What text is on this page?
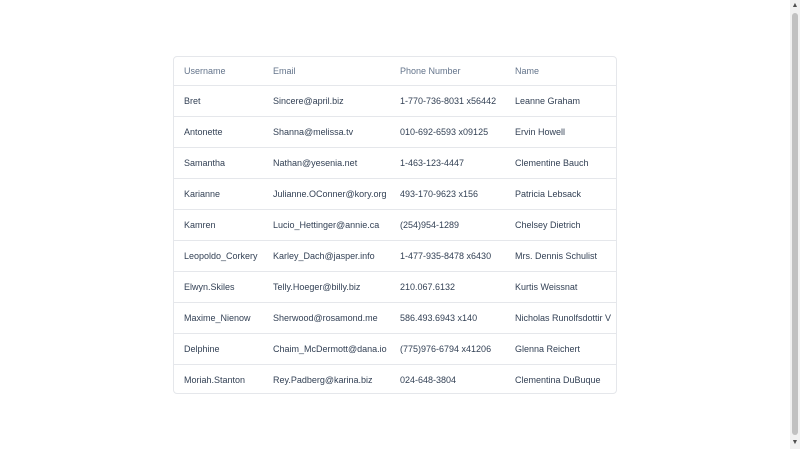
Username	Email	Phone Number	Name
Bret	Sincere@april.biz	1-770-736-8031 x56442	Leanne Graham
Antonette	Shanna@melissa.tv	010-692-6593 x09125	Ervin Howell
Samantha	Nathan@yesenia.net	1-463-123-4447	Clementine Bauch
Karianne	Julianne.OConner@kory.org	493-170-9623 x156	Patricia Lebsack
Kamren	Lucio_Hettinger@annie.ca	(254)954-1289	Chelsey Dietrich
Leopoldo_Corkery	Karley_Dach@jasper.info	1-477-935-8478 x6430	Mrs. Dennis Schulist
Elwyn.Skiles	Telly.Hoeger@billy.biz	210.067.6132	Kurtis Weissnat
Maxime_Nienow	Sherwood@rosamond.me	586.493.6943 x140	Nicholas Runolfsdottir V
Delphine	Chaim_McDermott@dana.io	(775)976-6794 x41206	Glenna Reichert
Moriah.Stanton	Rey.Padberg@karina.biz	024-648-3804	Clementina DuBuque
▲
▼
